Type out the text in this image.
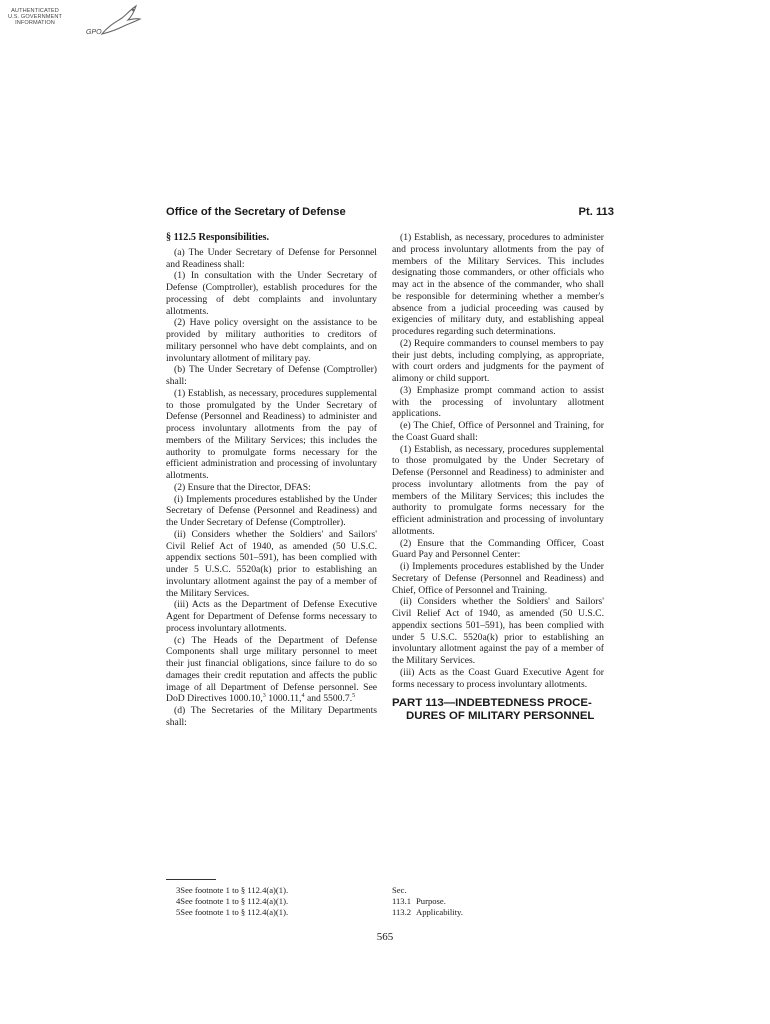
AUTHENTICATED
U.S. GOVERNMENT
INFORMATION
GPO
Office of the Secretary of Defense	Pt. 113

§ 112.5 Responsibilities.

(a) The Under Secretary of Defense for Personnel and Readiness shall:

(1) In consultation with the Under Secretary of Defense (Comptroller), establish procedures for the processing of debt complaints and involuntary allotments.

(2) Have policy oversight on the assistance to be provided by military authorities to creditors of military personnel who have debt complaints, and on involuntary allotment of military pay.

(b) The Under Secretary of Defense (Comptroller) shall:

(1) Establish, as necessary, procedures supplemental to those promulgated by the Under Secretary of Defense (Personnel and Readiness) to administer and process involuntary allotments from the pay of members of the Military Services; this includes the authority to promulgate forms necessary for the efficient administration and processing of involuntary allotments.

(2) Ensure that the Director, DFAS:

(i) Implements procedures established by the Under Secretary of Defense (Personnel and Readiness) and the Under Secretary of Defense (Comptroller).

(ii) Considers whether the Soldiers' and Sailors' Civil Relief Act of 1940, as amended (50 U.S.C. appendix sections 501–591), has been complied with under 5 U.S.C. 5520a(k) prior to establishing an involuntary allotment against the pay of a member of the Military Services.

(iii) Acts as the Department of Defense Executive Agent for Department of Defense forms necessary to process involuntary allotments.

(c) The Heads of the Department of Defense Components shall urge military personnel to meet their just financial obligations, since failure to do so damages their credit reputation and affects the public image of all Department of Defense personnel. See DoD Directives 1000.10,$^3$ 1000.11,$^4$ and 5500.7.$^5$

(d) The Secretaries of the Military Departments shall:

(1) Establish, as necessary, procedures to administer and process involuntary allotments from the pay of members of the Military Services. This includes designating those commanders, or other officials who may act in the absence of the commander, who shall be responsible for determining whether a member's absence from a judicial proceeding was caused by exigencies of military duty, and establishing appeal procedures regarding such determinations.

(2) Require commanders to counsel members to pay their just debts, including complying, as appropriate, with court orders and judgments for the payment of alimony or child support.

(3) Emphasize prompt command action to assist with the processing of involuntary allotment applications.

(e) The Chief, Office of Personnel and Training, for the Coast Guard shall:

(1) Establish, as necessary, procedures supplemental to those promulgated by the Under Secretary of Defense (Personnel and Readiness) to administer and process involuntary allotments from the pay of members of the Military Services; this includes the authority to promulgate forms necessary for the efficient administration and processing of involuntary allotments.

(2) Ensure that the Commanding Officer, Coast Guard Pay and Personnel Center:

(i) Implements procedures established by the Under Secretary of Defense (Personnel and Readiness) and Chief, Office of Personnel and Training.

(ii) Considers whether the Soldiers' and Sailors' Civil Relief Act of 1940, as amended (50 U.S.C. appendix sections 501–591), has been complied with under 5 U.S.C. 5520a(k) prior to establishing an involuntary allotment against the pay of a member of the Military Services.

(iii) Acts as the Coast Guard Executive Agent for forms necessary to process involuntary allotments.

PART 113—INDEBTEDNESS PROCE-
DURES OF MILITARY PERSONNEL
3See footnote 1 to § 112.4(a)(1).
4See footnote 1 to § 112.4(a)(1).
5See footnote 1 to § 112.4(a)(1).
Sec.
113.1 Purpose.
113.2 Applicability.
565
